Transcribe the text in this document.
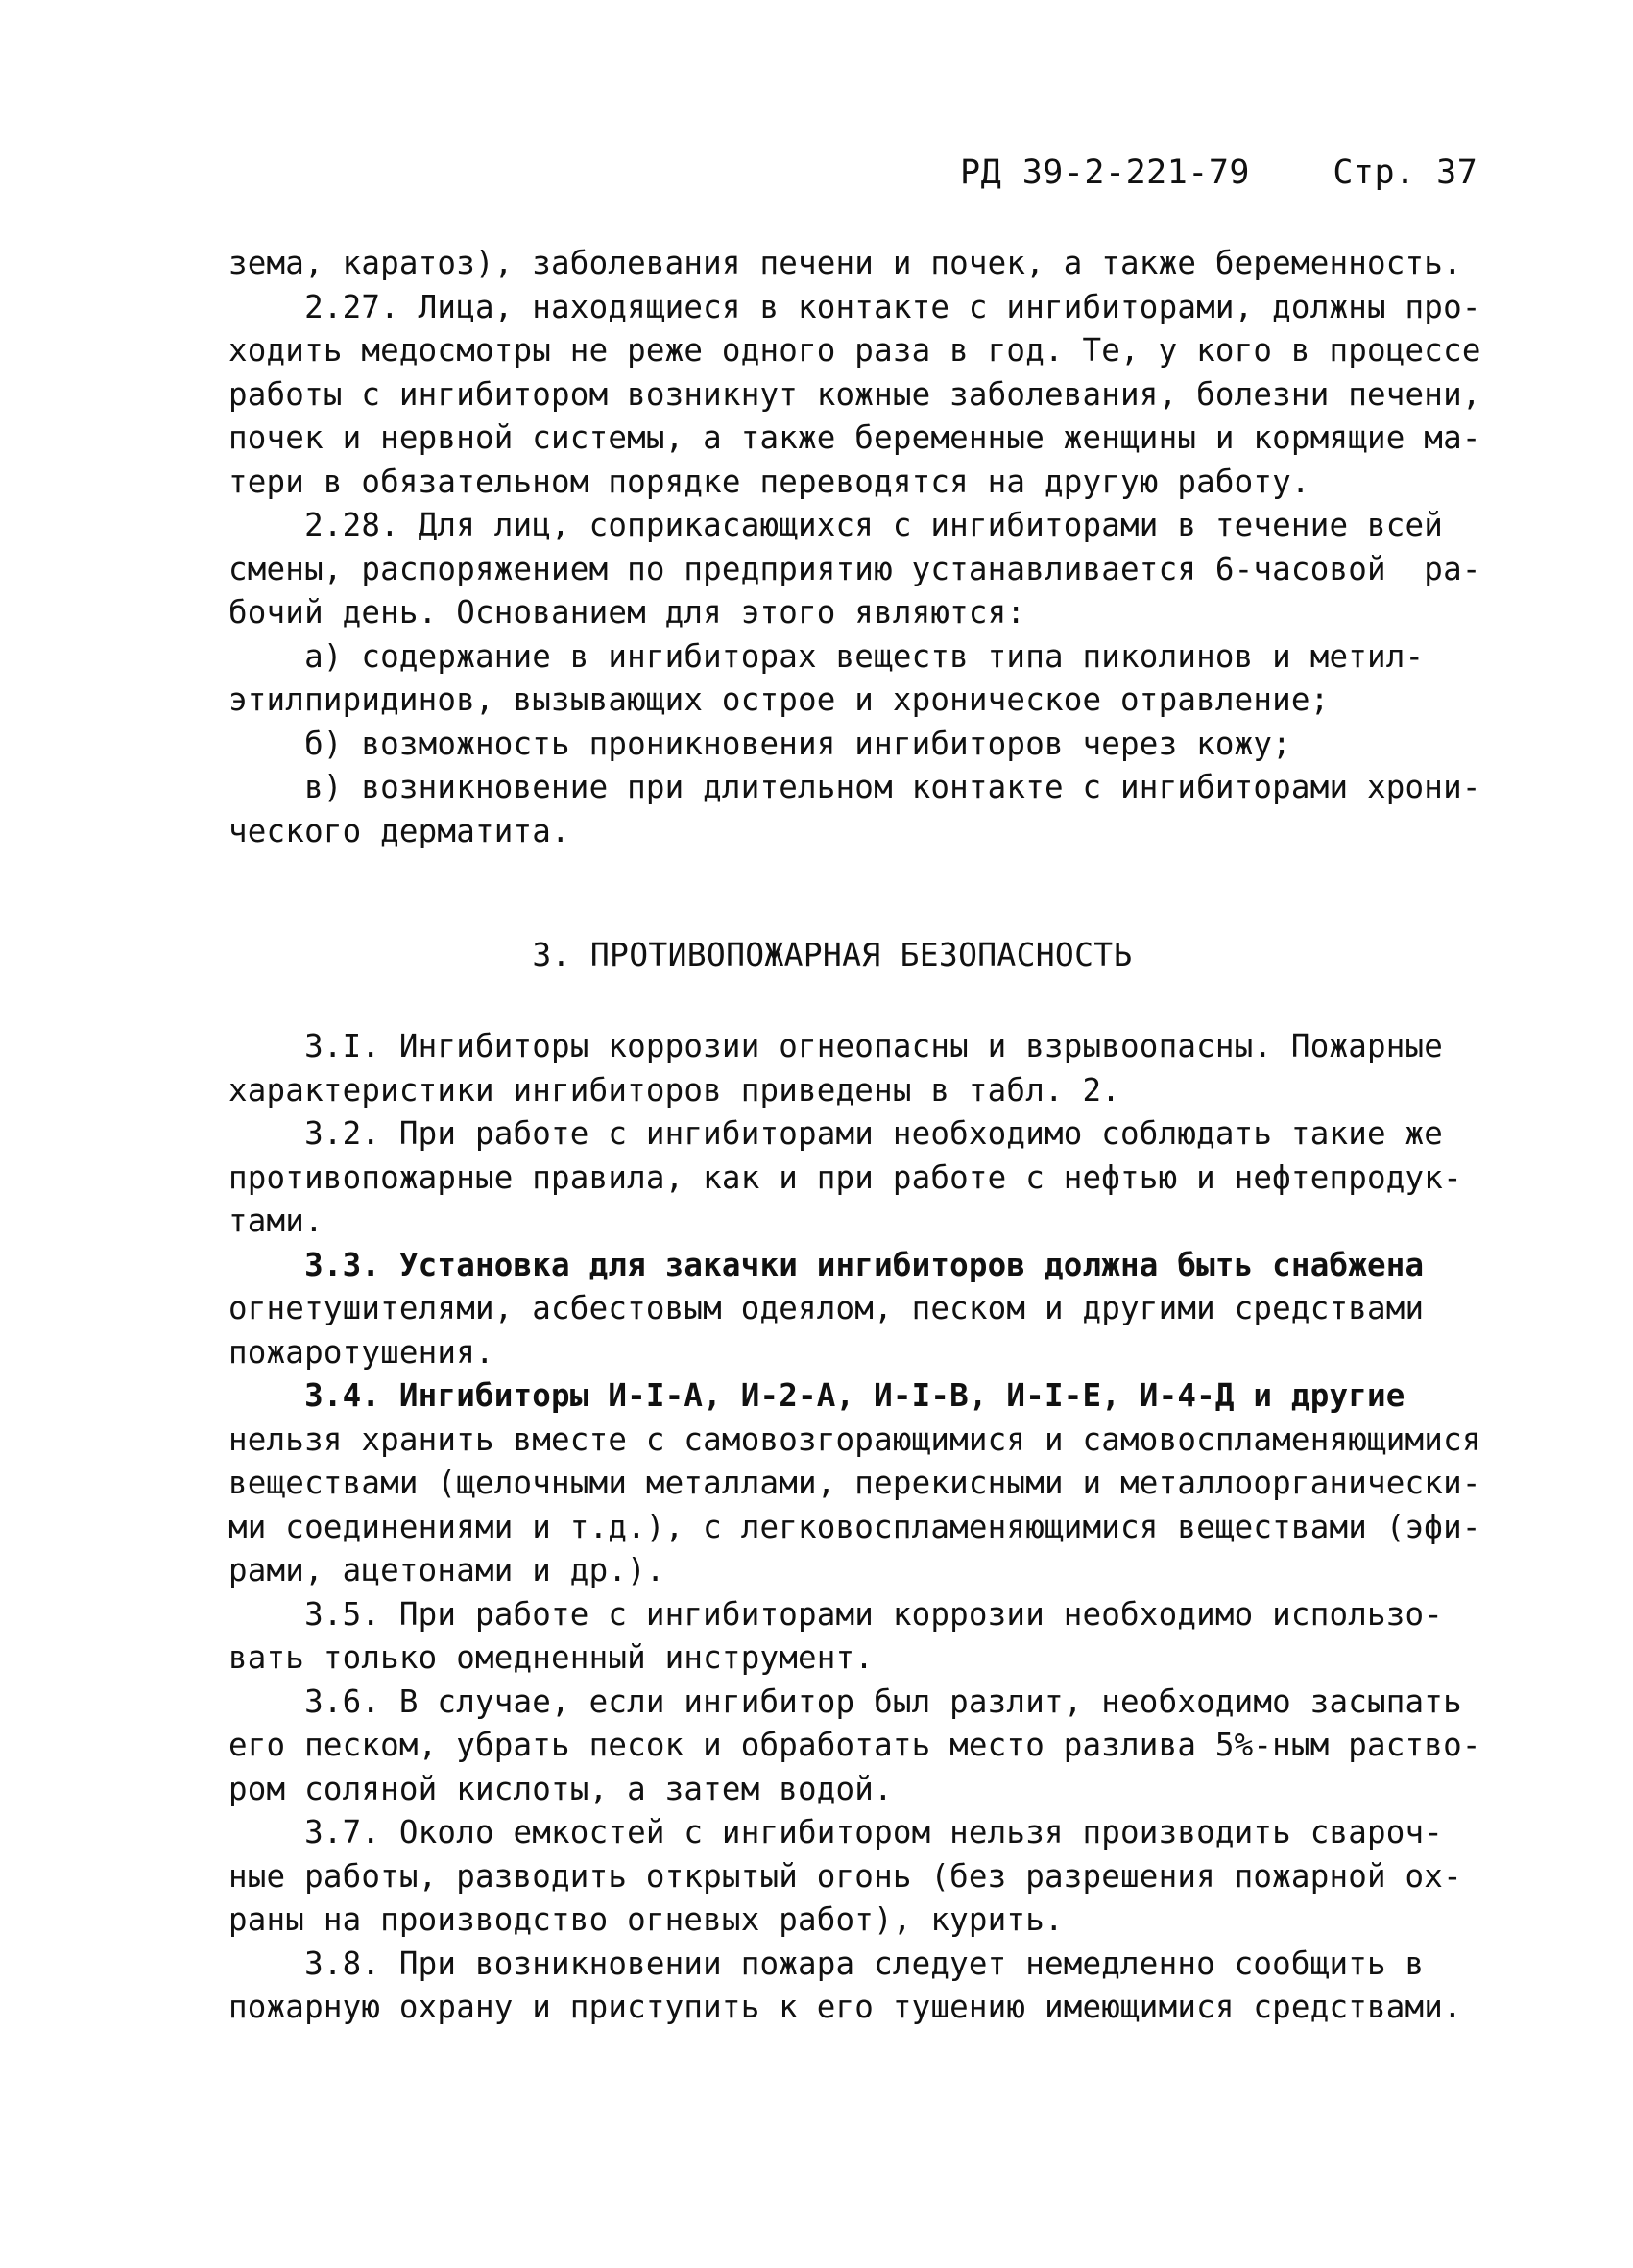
РД 39-2-221-79 Стр. 37
зема, каратоз), заболевания печени и почек, а также беременность.
2.27. Лица, находящиеся в контакте с ингибиторами, должны про-
ходить медосмотры не реже одного раза в год. Те, у кого в процессе
работы с ингибитором возникнут кожные заболевания, болезни печени,
почек и нервной системы, а также беременные женщины и кормящие ма-
тери в обязательном порядке переводятся на другую работу.
2.28. Для лиц, соприкасающихся с ингибиторами в течение всей
смены, распоряжением по предприятию устанавливается 6-часовой  ра-
бочий день. Основанием для этого являются:
а) содержание в ингибиторах веществ типа пиколинов и метил-
этилпиридинов, вызывающих острое и хроническое отравление;
б) возможность проникновения ингибиторов через кожу;
в) возникновение при длительном контакте с ингибиторами хрони-
ческого дерматита.
3. ПРОТИВОПОЖАРНАЯ БЕЗОПАСНОСТЬ
3.I. Ингибиторы коррозии огнеопасны и взрывоопасны. Пожарные
характеристики ингибиторов приведены в табл. 2.
3.2. При работе с ингибиторами необходимо соблюдать такие же
противопожарные правила, как и при работе с нефтью и нефтепродук-
тами.
3.3. Установка для закачки ингибиторов должна быть снабжена
огнетушителями, асбестовым одеялом, песком и другими средствами
пожаротушения.
3.4. Ингибиторы И-I-А, И-2-А, И-I-В, И-I-Е, И-4-Д и другие
нельзя хранить вместе с самовозгорающимися и самовоспламеняющимися
веществами (щелочными металлами, перекисными и металлоорганически-
ми соединениями и т.д.), с легковоспламеняющимися веществами (эфи-
рами, ацетонами и др.).
3.5. При работе с ингибиторами коррозии необходимо использо-
вать только омедненный инструмент.
3.6. В случае, если ингибитор был разлит, необходимо засыпать
его песком, убрать песок и обработать место разлива 5%-ным раство-
ром соляной кислоты, а затем водой.
3.7. Около емкостей с ингибитором нельзя производить свароч-
ные работы, разводить открытый огонь (без разрешения пожарной ох-
раны на производство огневых работ), курить.
3.8. При возникновении пожара следует немедленно сообщить в
пожарную охрану и приступить к его тушению имеющимися средствами.
